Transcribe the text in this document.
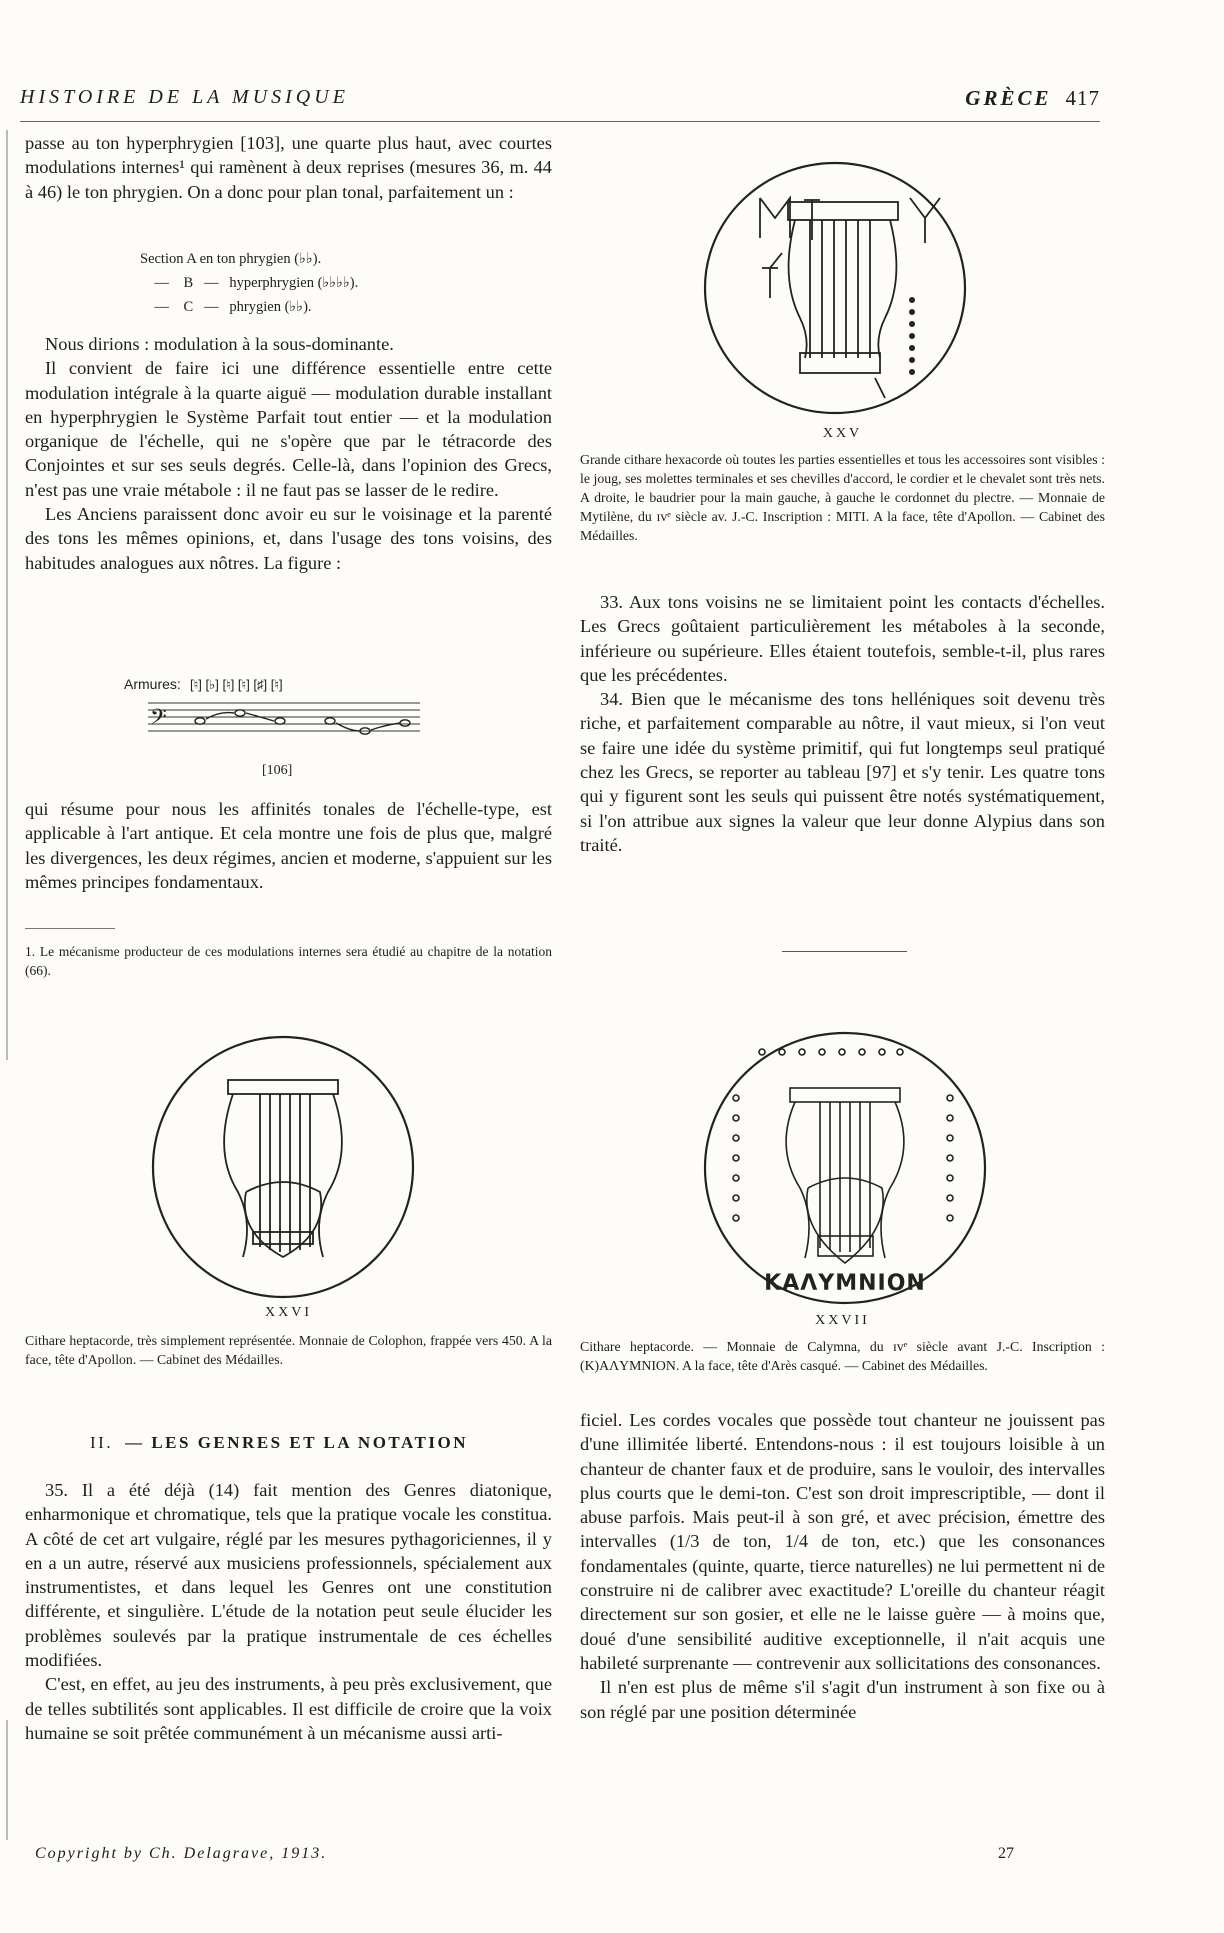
HISTOIRE DE LA MUSIQUE	GRÈCE 417

passe au ton hyperphrygien [103], une quarte plus haut, avec courtes modulations internes¹ qui ramènent à deux reprises (mesures 36, m. 44 à 46) le ton phrygien. On a donc pour plan tonal, parfaitement un :

Section A en ton phrygien (♭♭).
—    B   —   hyperphrygien (♭♭♭♭).
—    C   —   phrygien (♭♭).

Nous dirions : modulation à la sous-dominante.

Il convient de faire ici une différence essentielle entre cette modulation intégrale à la quarte aiguë — modulation durable installant en hyperphrygien le Système Parfait tout entier — et la modulation organique de l'échelle, qui ne s'opère que par le tétracorde des Conjointes et sur ses seuls degrés. Celle-là, dans l'opinion des Grecs, n'est pas une vraie métabole : il ne faut pas se lasser de le redire.

Les Anciens paraissent donc avoir eu sur le voisinage et la parenté des tons les mêmes opinions, et, dans l'usage des tons voisins, des habitudes analogues aux nôtres. La figure :

Armures: [♮] [♭] [♮] [♮] [♯] [♮]
𝄢
[106]

qui résume pour nous les affinités tonales de l'échelle-type, est applicable à l'art antique. Et cela montre une fois de plus que, malgré les divergences, les deux régimes, ancien et moderne, s'appuient sur les mêmes principes fondamentaux.

1. Le mécanisme producteur de ces modulations internes sera étudié au chapitre de la notation (66).
XXV
Grande cithare hexacorde où toutes les parties essentielles et tous les accessoires sont visibles : le joug, ses molettes terminales et ses chevilles d'accord, le cordier et le chevalet sont très nets. A droite, le baudrier pour la main gauche, à gauche le cordonnet du plectre. — Monnaie de Mytilène, du ɪᴠᵉ siècle av. J.-C. Inscription : MITI. A la face, tête d'Apollon. — Cabinet des Médailles.

33. Aux tons voisins ne se limitaient point les contacts d'échelles. Les Grecs goûtaient particulièrement les métaboles à la seconde, inférieure ou supérieure. Elles étaient toutefois, semble-t-il, plus rares que les précédentes.

34. Bien que le mécanisme des tons helléniques soit devenu très riche, et parfaitement comparable au nôtre, il vaut mieux, si l'on veut se faire une idée du système primitif, qui fut longtemps seul pratiqué chez les Grecs, se reporter au tableau [97] et s'y tenir. Les quatre tons qui y figurent sont les seuls qui puissent être notés systématiquement, si l'on attribue aux signes la valeur que leur donne Alypius dans son traité.

XXVI
Cithare heptacorde, très simplement représentée. Monnaie de Colophon, frappée vers 450. A la face, tête d'Apollon. — Cabinet des Médailles.
ΚΑΛΥΜΝΙΟΝ
XXVII
Cithare heptacorde. — Monnaie de Calymna, du ɪᴠᵉ siècle avant J.-C. Inscription : (K)AΛYMNION. A la face, tête d'Arès casqué. — Cabinet des Médailles.
II. — LES GENRES ET LA NOTATION

35. Il a été déjà (14) fait mention des Genres diatonique, enharmonique et chromatique, tels que la pratique vocale les constitua. A côté de cet art vulgaire, réglé par les mesures pythagoriciennes, il y en a un autre, réservé aux musiciens professionnels, spécialement aux instrumentistes, et dans lequel les Genres ont une constitution différente, et singulière. L'étude de la notation peut seule élucider les problèmes soulevés par la pratique instrumentale de ces échelles modifiées.

C'est, en effet, au jeu des instruments, à peu près exclusivement, que de telles subtilités sont applicables. Il est difficile de croire que la voix humaine se soit prêtée communément à un mécanisme aussi arti-

ficiel. Les cordes vocales que possède tout chanteur ne jouissent pas d'une illimitée liberté. Entendons-nous : il est toujours loisible à un chanteur de chanter faux et de produire, sans le vouloir, des intervalles plus courts que le demi-ton. C'est son droit imprescriptible, — dont il abuse parfois. Mais peut-il à son gré, et avec précision, émettre des intervalles (1/3 de ton, 1/4 de ton, etc.) que les consonances fondamentales (quinte, quarte, tierce naturelles) ne lui permettent ni de construire ni de calibrer avec exactitude? L'oreille du chanteur réagit directement sur son gosier, et elle ne le laisse guère — à moins que, doué d'une sensibilité auditive exceptionnelle, il n'ait acquis une habileté surprenante — contrevenir aux sollicitations des consonances.

Il n'en est plus de même s'il s'agit d'un instrument à son fixe ou à son réglé par une position déterminée

Copyright by Ch. Delagrave, 1913.	27
